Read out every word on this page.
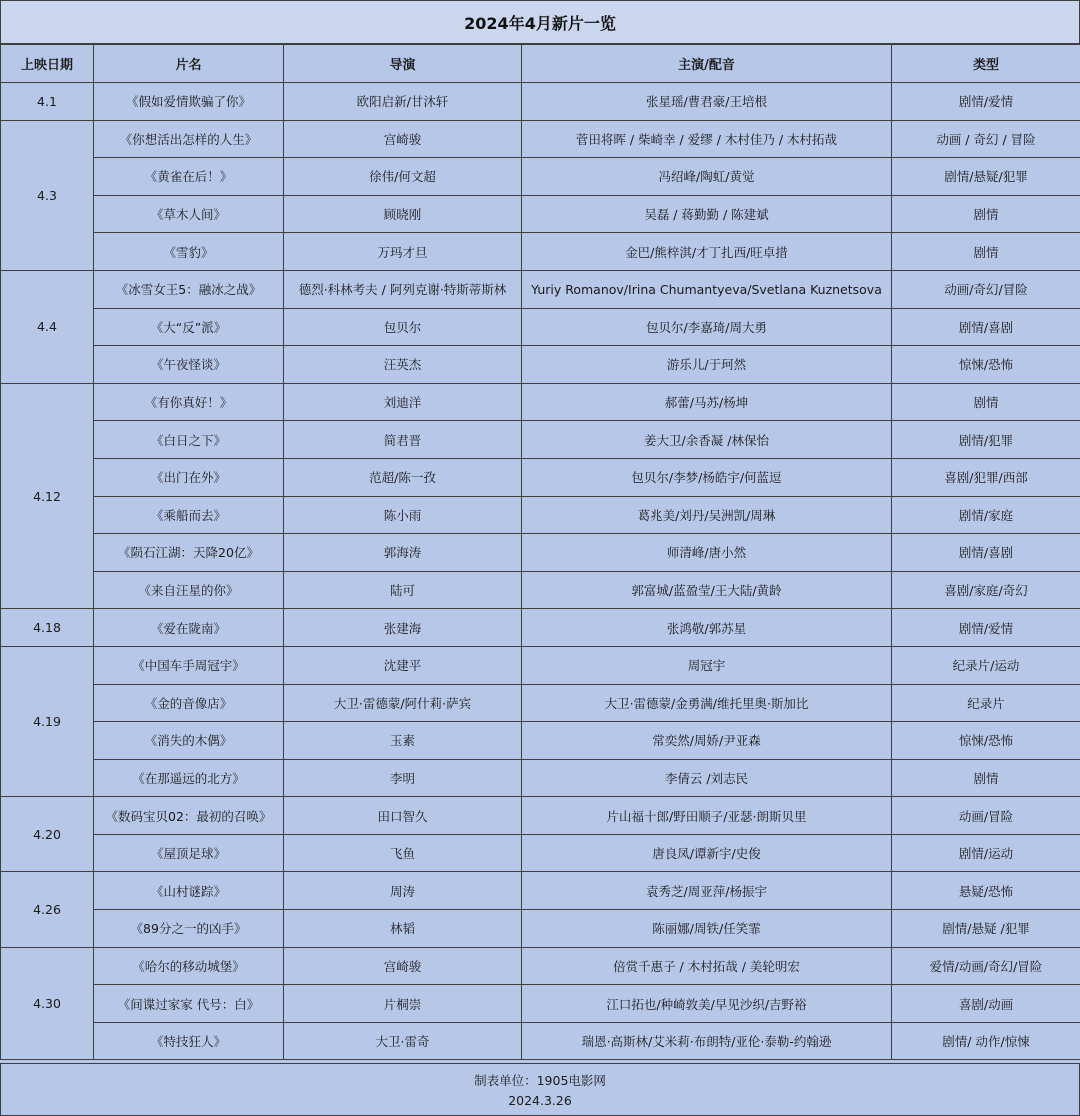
2024年4月新片一览
上映日期	片名	导演	主演/配音	类型
4.1	《假如爱情欺骗了你》	欧阳启新/甘沐轩	张星瑶/曹君豪/王培根	剧情/爱情
4.3	《你想活出怎样的人生》	宫崎骏	菅田将晖 / 柴崎幸 / 爱缪 / 木村佳乃 / 木村拓哉	动画 / 奇幻 / 冒险
	《黄雀在后！》	徐伟/何文超	冯绍峰/陶虹/黄觉	剧情/悬疑/犯罪
	《草木人间》	顾晓刚	吴磊 / 蒋勤勤 / 陈建斌	剧情
	《雪豹》	万玛才旦	金巴/熊梓淇/才丁扎西/旺卓措	剧情
4.4	《冰雪女王5：融冰之战》	德烈·科林考夫 / 阿列克谢·特斯蒂斯林	Yuriy Romanov/Irina Chumantyeva/Svetlana Kuznetsova	动画/奇幻/冒险
	《大“反”派》	包贝尔	包贝尔/李嘉琦/周大勇	剧情/喜剧
	《午夜怪谈》	汪英杰	游乐儿/于珂然	惊悚/恐怖
4.12	《有你真好！》	刘迪洋	郝蕾/马苏/杨坤	剧情
	《白日之下》	简君晋	姜大卫/余香凝 /林保怡	剧情/犯罪
	《出门在外》	范超/陈一孜	包贝尔/李梦/杨皓宇/何蓝逗	喜剧/犯罪/西部
	《乘船而去》	陈小雨	葛兆美/刘丹/吴洲凯/周琳	剧情/家庭
	《陨石江湖：天降20亿》	郭海涛	师清峰/唐小然	剧情/喜剧
	《来自汪星的你》	陆可	郭富城/蓝盈莹/王大陆/黄龄	喜剧/家庭/奇幻
4.18	《爱在陇南》	张建海	张鸿敬/郭苏星	剧情/爱情
4.19	《中国车手周冠宇》	沈建平	周冠宇	纪录片/运动
	《金的音像店》	大卫·雷德蒙/阿什莉·萨宾	大卫·雷德蒙/金勇满/维托里奥·斯加比	纪录片
	《消失的木偶》	玉素	常奕然/周娇/尹亚森	惊悚/恐怖
	《在那遥远的北方》	李明	李倩云 /刘志民	剧情
4.20	《数码宝贝02：最初的召唤》	田口智久	片山福十郎/野田顺子/亚瑟·朗斯贝里	动画/冒险
	《屋顶足球》	飞鱼	唐良凤/谭新宇/史俊	剧情/运动
4.26	《山村谜踪》	周涛	袁秀芝/周亚萍/杨振宇	悬疑/恐怖
	《89分之一的凶手》	林韬	陈丽娜/周铁/任笑霏	剧情/悬疑 /犯罪
4.30	《哈尔的移动城堡》	宫崎骏	倍赏千惠子 / 木村拓哉 / 美轮明宏	爱情/动画/奇幻/冒险
	《间谍过家家 代号：白》	片桐崇	江口拓也/种崎敦美/早见沙织/吉野裕	喜剧/动画
	《特技狂人》	大卫·雷奇	瑞恩·高斯林/艾米莉·布朗特/亚伦·泰勒-约翰逊	剧情/ 动作/惊悚
制表单位：1905电影网
2024.3.26
